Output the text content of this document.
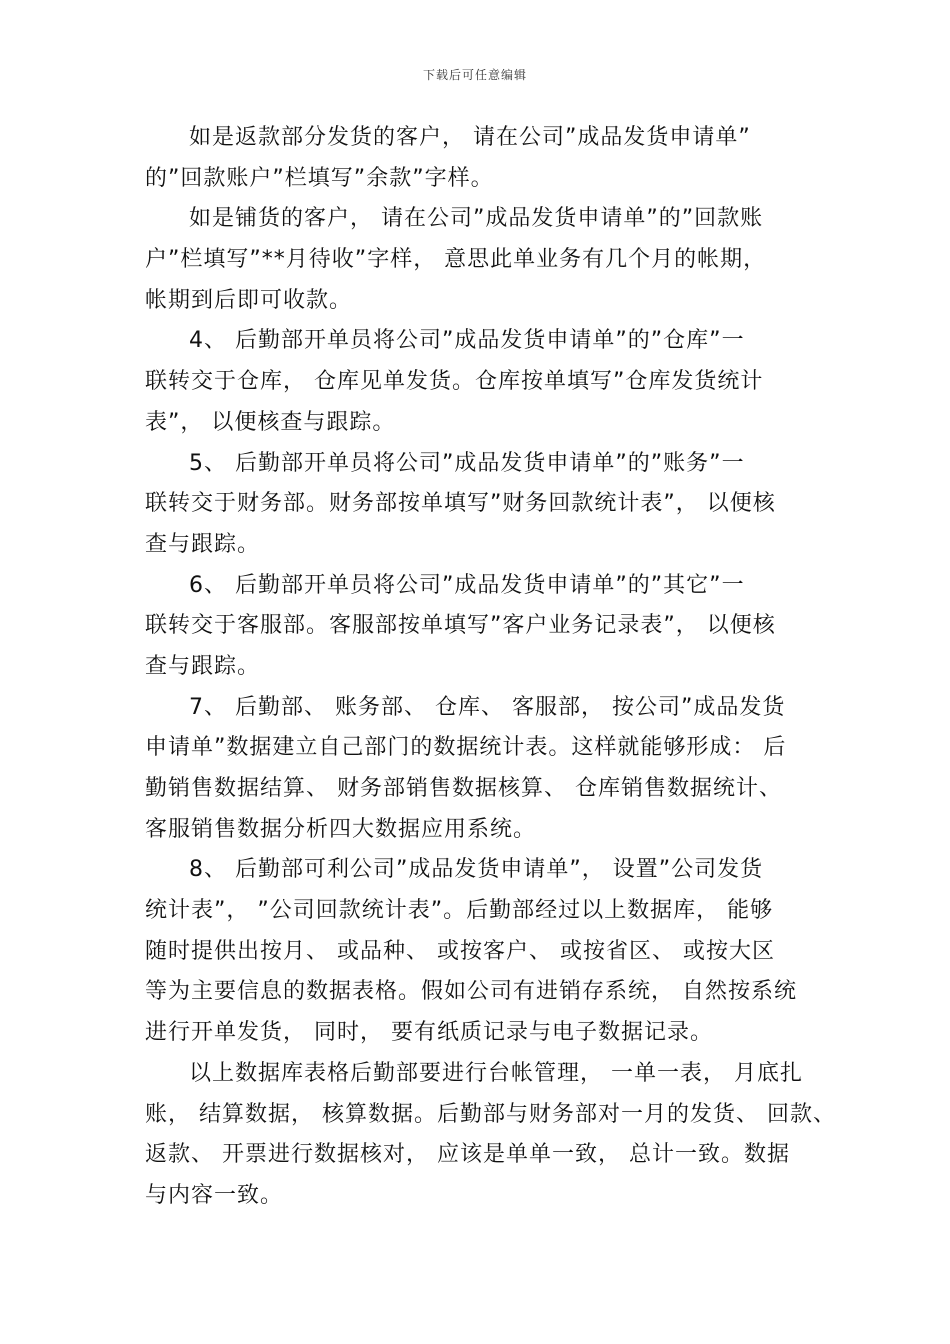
下载后可任意编辑
如是返款部分发货的客户， 请在公司”成品发货申请单”
的”回款账户”栏填写”余款”字样。
如是铺货的客户， 请在公司”成品发货申请单”的”回款账
户”栏填写”**月待收”字样， 意思此单业务有几个月的帐期，
帐期到后即可收款。
4、 后勤部开单员将公司”成品发货申请单”的”仓库”一
联转交于仓库， 仓库见单发货。仓库按单填写”仓库发货统计
表”， 以便核查与跟踪。
5、 后勤部开单员将公司”成品发货申请单”的”账务”一
联转交于财务部。财务部按单填写”财务回款统计表”， 以便核
查与跟踪。
6、 后勤部开单员将公司”成品发货申请单”的”其它”一
联转交于客服部。客服部按单填写”客户业务记录表”， 以便核
查与跟踪。
7、 后勤部、 账务部、 仓库、 客服部， 按公司”成品发货
申请单”数据建立自己部门的数据统计表。这样就能够形成： 后
勤销售数据结算、 财务部销售数据核算、 仓库销售数据统计、
客服销售数据分析四大数据应用系统。
8、 后勤部可利公司”成品发货申请单”， 设置”公司发货
统计表”， ”公司回款统计表”。后勤部经过以上数据库， 能够
随时提供出按月、 或品种、 或按客户、 或按省区、 或按大区
等为主要信息的数据表格。假如公司有进销存系统， 自然按系统
进行开单发货， 同时， 要有纸质记录与电子数据记录。
以上数据库表格后勤部要进行台帐管理， 一单一表， 月底扎
账， 结算数据， 核算数据。后勤部与财务部对一月的发货、 回款、
返款、 开票进行数据核对， 应该是单单一致， 总计一致。数据
与内容一致。
